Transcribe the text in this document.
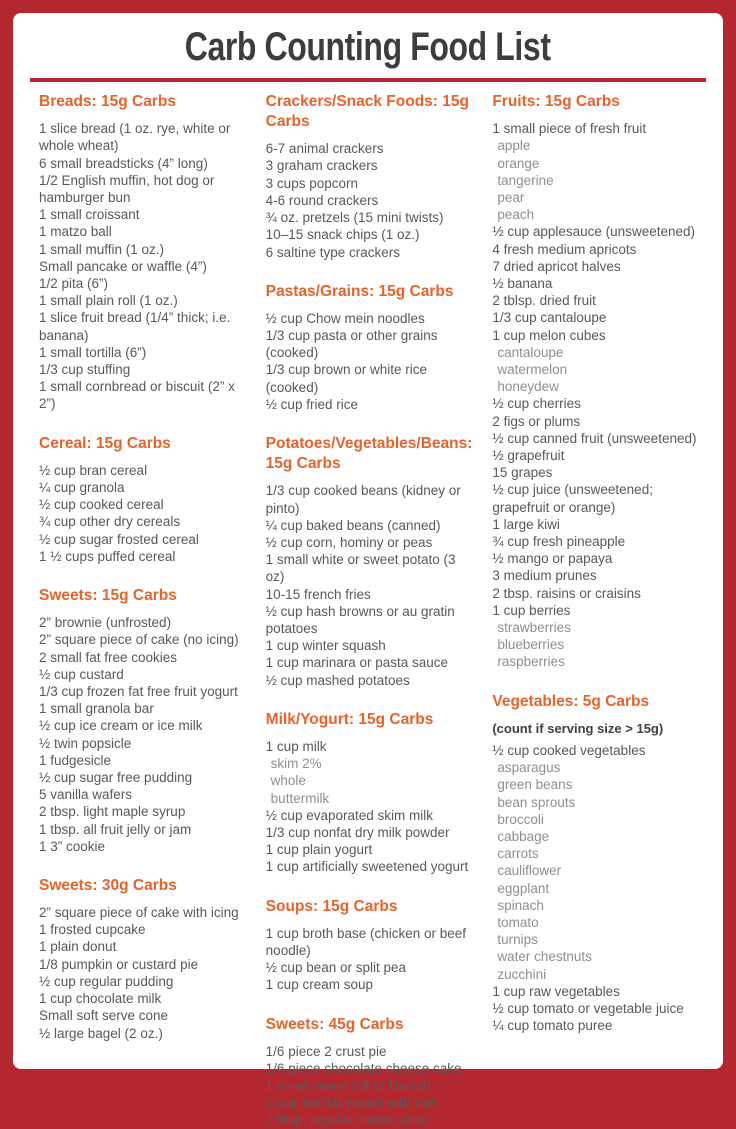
Carb Counting Food List
Breads: 15g Carbs
1 slice bread (1 oz. rye, white or whole wheat)
6 small breadsticks (4” long)
1/2 English muffin, hot dog or hamburger bun
1 small croissant
1 matzo ball
1 small muffin (1 oz.)
Small pancake or waffle (4”)
1/2 pita (6”)
1 small plain roll (1 oz.)
1 slice fruit bread (1/4” thick; i.e. banana)
1 small tortilla (6”)
1/3 cup stuffing
1 small cornbread or biscuit (2” x 2”)
Cereal: 15g Carbs
½ cup bran cereal
¼ cup granola
½ cup cooked cereal
¾ cup other dry cereals
½ cup sugar frosted cereal
1 ½ cups puffed cereal
Sweets: 15g Carbs
2” brownie (unfrosted)
2” square piece of cake (no icing)
2 small fat free cookies
½ cup custard
1/3 cup frozen fat free fruit yogurt
1 small granola bar
½ cup ice cream or ice milk
½ twin popsicle
1 fudgesicle
½ cup sugar free pudding
5 vanilla wafers
2 tbsp. light maple syrup
1 tbsp. all fruit jelly or jam
1 3” cookie
Sweets: 30g Carbs
2” square piece of cake with icing
1 frosted cupcake
1 plain donut
1/8 pumpkin or custard pie
½ cup regular pudding
1 cup chocolate milk
Small soft serve cone
½ large bagel (2 oz.)
Crackers/Snack Foods: 15g Carbs
6-7 animal crackers
3 graham crackers
3 cups popcorn
4-6 round crackers
¾ oz. pretzels (15 mini twists)
10–15 snack chips (1 oz.)
6 saltine type crackers
Pastas/Grains: 15g Carbs
½ cup Chow mein noodles
1/3 cup pasta or other grains (cooked)
1/3 cup brown or white rice (cooked)
½ cup fried rice
Potatoes/Vegetables/Beans: 15g Carbs
1/3 cup cooked beans (kidney or pinto)
¼ cup baked beans (canned)
½ cup corn, hominy or peas
1 small white or sweet potato (3 oz)
10-15 french fries
½ cup hash browns or au gratin potatoes
1 cup winter squash
1 cup marinara or pasta sauce
½ cup mashed potatoes
Milk/Yogurt: 15g Carbs
1 cup milk
skim 2%
whole
buttermilk
½ cup evaporated skim milk
1/3 cup nonfat dry milk powder
1 cup plain yogurt
1 cup artificially sweetened yogurt
Soups: 15g Carbs
1 cup broth base (chicken or beef noodle)
½ cup bean or split pea
1 cup cream soup
Sweets: 45g Carbs
1/6 piece 2 crust pie
1/6 piece chocolate cheese cake
1 small sweet roll or Danish
1 cup low fat yogurt with fruit
2 tbsp. regular maple syrup
Fruits: 15g Carbs
1 small piece of fresh fruit
apple
orange
tangerine
pear
peach
½ cup applesauce (unsweetened)
4 fresh medium apricots
7 dried apricot halves
½ banana
2 tblsp. dried fruit
1/3 cup cantaloupe
1 cup melon cubes
cantaloupe
watermelon
honeydew
½ cup cherries
2 figs or plums
½ cup canned fruit (unsweetened)
½ grapefruit
15 grapes
½ cup juice (unsweetened; grapefruit or orange)
1 large kiwi
¾ cup fresh pineapple
½ mango or papaya
3 medium prunes
2 tbsp. raisins or craisins
1 cup berries
strawberries
blueberries
raspberries
Vegetables: 5g Carbs
(count if serving size > 15g)
½ cup cooked vegetables
asparagus
green beans
bean sprouts
broccoli
cabbage
carrots
cauliflower
eggplant
spinach
tomato
turnips
water chestnuts
zucchini
1 cup raw vegetables
½ cup tomato or vegetable juice
¼ cup tomato puree
